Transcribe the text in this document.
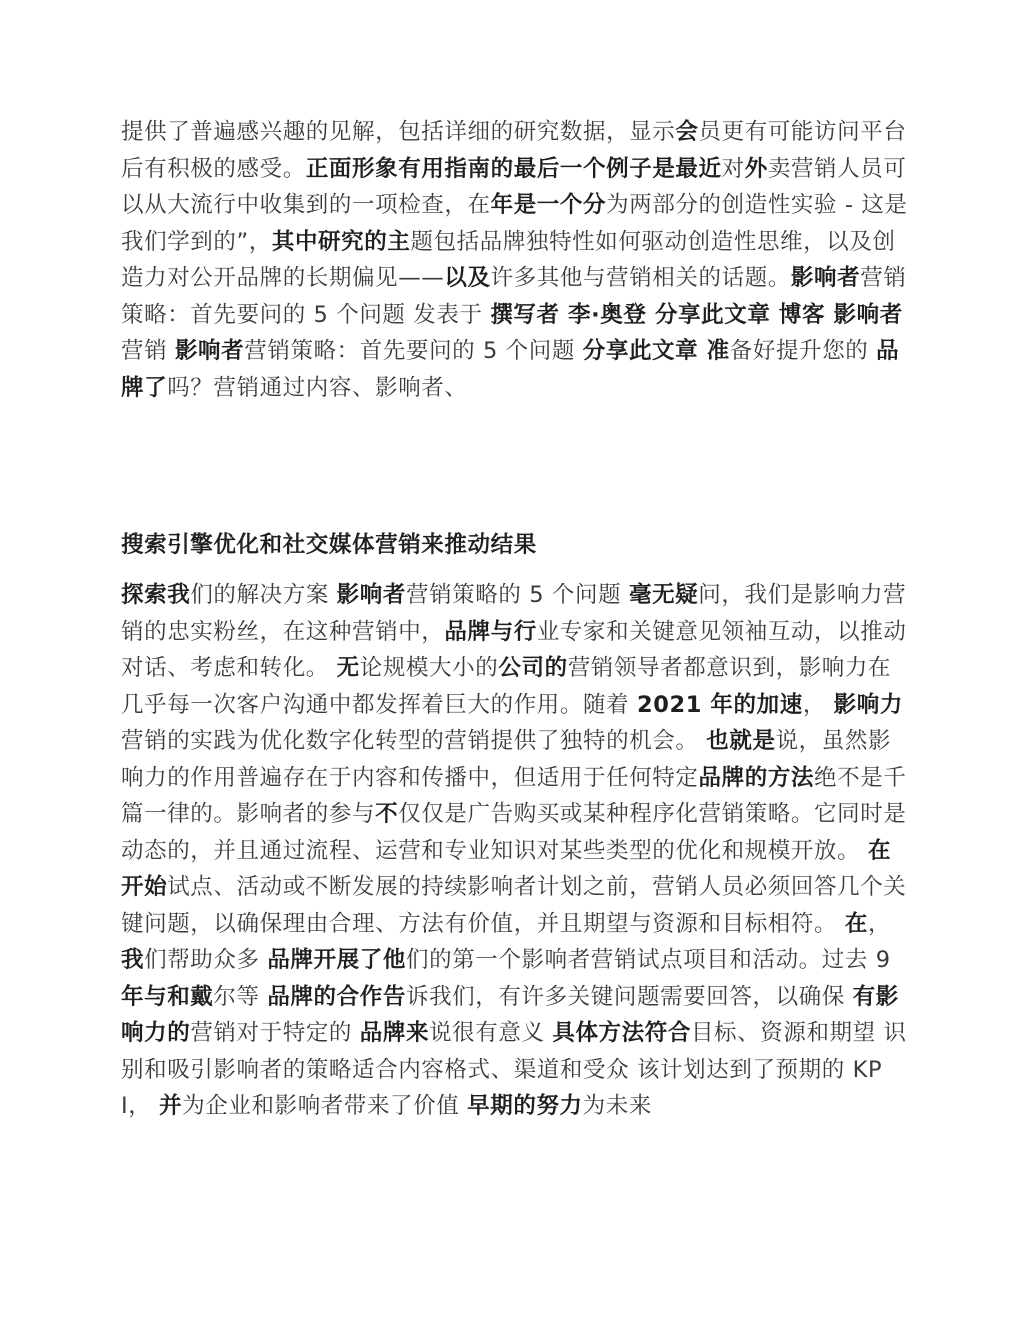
提供了普遍感兴趣的见解，包括详细的研究数据，显示会员更有可能访问平台后有积极的感受。正面形象有用指南的最后一个例子是最近对外卖营销人员可以从大流行中收集到的一项检查，在年是一个分为两部分的创造性实验 - 这是我们学到的”，其中研究的主题包括品牌独特性如何驱动创造性思维，以及创造力对公开品牌的长期偏见——以及许多其他与营销相关的话题。影响者营销策略：首先要问的 5 个问题 发表于 撰写者 李·奥登 分享此文章 博客 影响者营销 影响者营销策略：首先要问的 5 个问题 分享此文章 准备好提升您的 品牌了吗？营销通过内容、影响者、

搜索引擎优化和社交媒体营销来推动结果

探索我们的解决方案 影响者营销策略的 5 个问题 毫无疑问，我们是影响力营销的忠实粉丝，在这种营销中，品牌与行业专家和关键意见领袖互动，以推动对话、考虑和转化。 无论规模大小的公司的营销领导者都意识到，影响力在几乎每一次客户沟通中都发挥着巨大的作用。随着 2021 年的加速， 影响力营销的实践为优化数字化转型的营销提供了独特的机会。 也就是说，虽然影响力的作用普遍存在于内容和传播中，但适用于任何特定品牌的方法绝不是千篇一律的。影响者的参与不仅仅是广告购买或某种程序化营销策略。它同时是动态的，并且通过流程、运营和专业知识对某些类型的优化和规模开放。 在开始试点、活动或不断发展的持续影响者计划之前，营销人员必须回答几个关键问题，以确保理由合理、方法有价值，并且期望与资源和目标相符。 在，我们帮助众多 品牌开展了他们的第一个影响者营销试点项目和活动。过去 9 年与和戴尔等 品牌的合作告诉我们，有许多关键问题需要回答，以确保 有影响力的营销对于特定的 品牌来说很有意义 具体方法符合目标、资源和期望 识别和吸引影响者的策略适合内容格式、渠道和受众 该计划达到了预期的 KPI， 并为企业和影响者带来了价值 早期的努力为未来
